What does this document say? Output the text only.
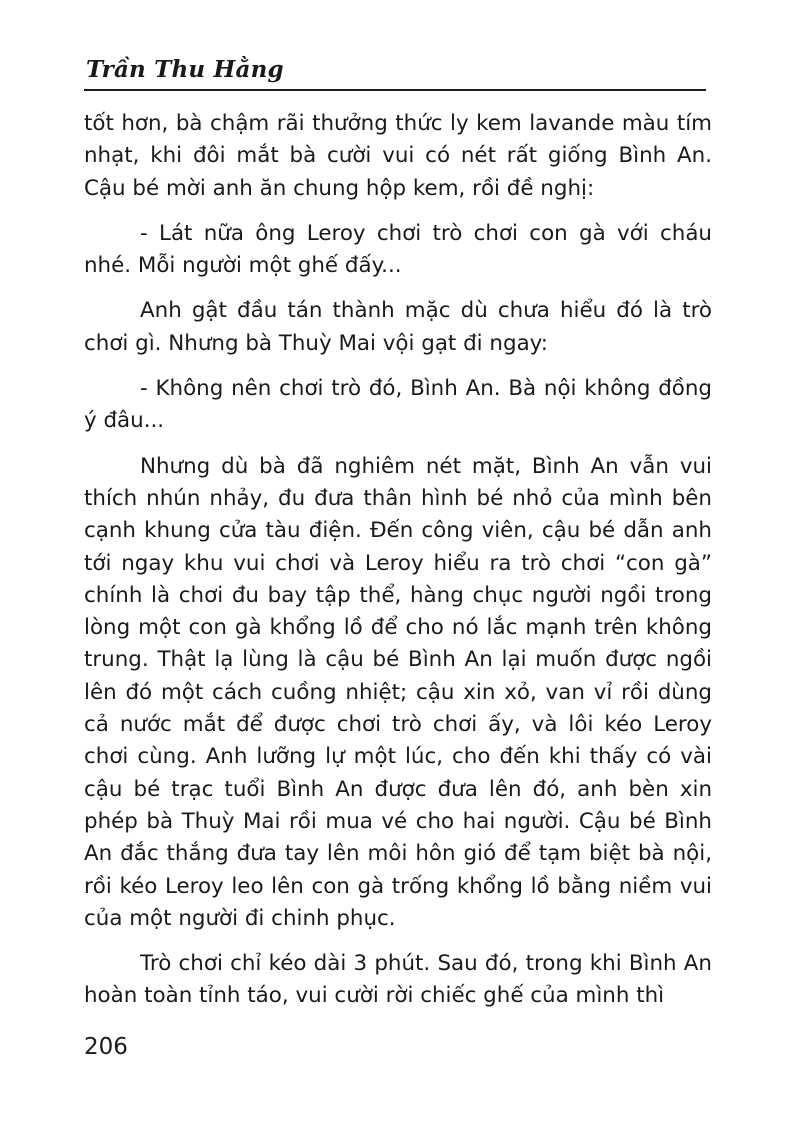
Trần Thu Hằng

tốt hơn, bà chậm rãi thưởng thức ly kem lavande màu tím nhạt, khi đôi mắt bà cười vui có nét rất giống Bình An. Cậu bé mời anh ăn chung hộp kem, rồi đề nghị:

- Lát nữa ông Leroy chơi trò chơi con gà với cháu nhé. Mỗi người một ghế đấy...

Anh gật đầu tán thành mặc dù chưa hiểu đó là trò chơi gì. Nhưng bà Thuỳ Mai vội gạt đi ngay:

- Không nên chơi trò đó, Bình An. Bà nội không đồng ý đâu...

Nhưng dù bà đã nghiêm nét mặt, Bình An vẫn vui thích nhún nhảy, đu đưa thân hình bé nhỏ của mình bên cạnh khung cửa tàu điện. Đến công viên, cậu bé dẫn anh tới ngay khu vui chơi và Leroy hiểu ra trò chơi “con gà” chính là chơi đu bay tập thể, hàng chục người ngồi trong lòng một con gà khổng lồ để cho nó lắc mạnh trên không trung. Thật lạ lùng là cậu bé Bình An lại muốn được ngồi lên đó một cách cuồng nhiệt; cậu xin xỏ, van vỉ rồi dùng cả nước mắt để được chơi trò chơi ấy, và lôi kéo Leroy chơi cùng. Anh lưỡng lự một lúc, cho đến khi thấy có vài cậu bé trạc tuổi Bình An được đưa lên đó, anh bèn xin phép bà Thuỳ Mai rồi mua vé cho hai người. Cậu bé Bình An đắc thắng đưa tay lên môi hôn gió để tạm biệt bà nội, rồi kéo Leroy leo lên con gà trống khổng lồ bằng niềm vui của một người đi chinh phục.

Trò chơi chỉ kéo dài 3 phút. Sau đó, trong khi Bình An hoàn toàn tỉnh táo, vui cười rời chiếc ghế của mình thì

206
